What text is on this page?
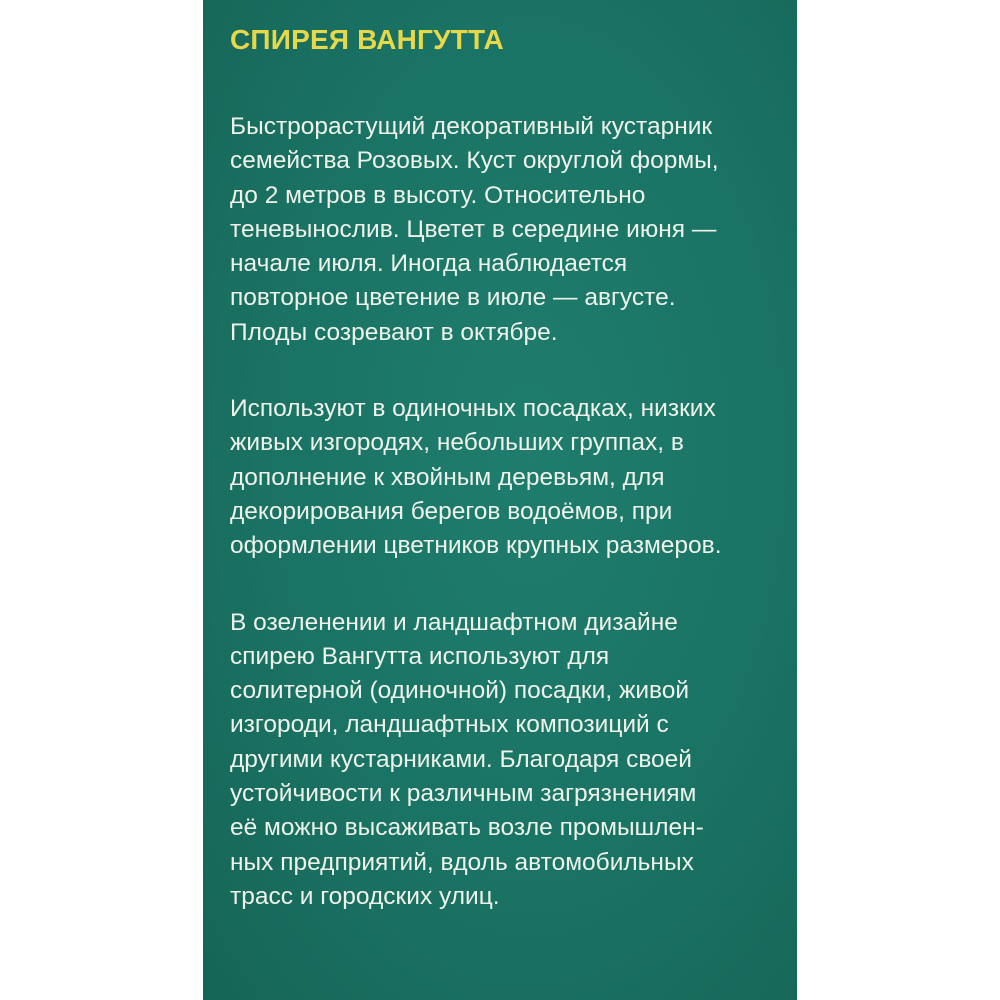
СПИРЕЯ ВАНГУТТА
Быстрорастущий декоративный кустарник
семейства Розовых. Куст округлой формы,
до 2 метров в высоту. Относительно
теневынослив. Цветет в середине июня —
начале июля. Иногда наблюдается
повторное цветение в июле — августе.
Плоды созревают в октябре.
Используют в одиночных посадках, низких
живых изгородях, небольших группах, в
дополнение к хвойным деревьям, для
декорирования берегов водоёмов, при
оформлении цветников крупных размеров.
В озеленении и ландшафтном дизайне
спирею Вангутта используют для
солитерной (одиночной) посадки, живой
изгороди, ландшафтных композиций с
другими кустарниками. Благодаря своей
устойчивости к различным загрязнениям
её можно высаживать возле промышлен-
ных предприятий, вдоль автомобильных
трасс и городских улиц.
